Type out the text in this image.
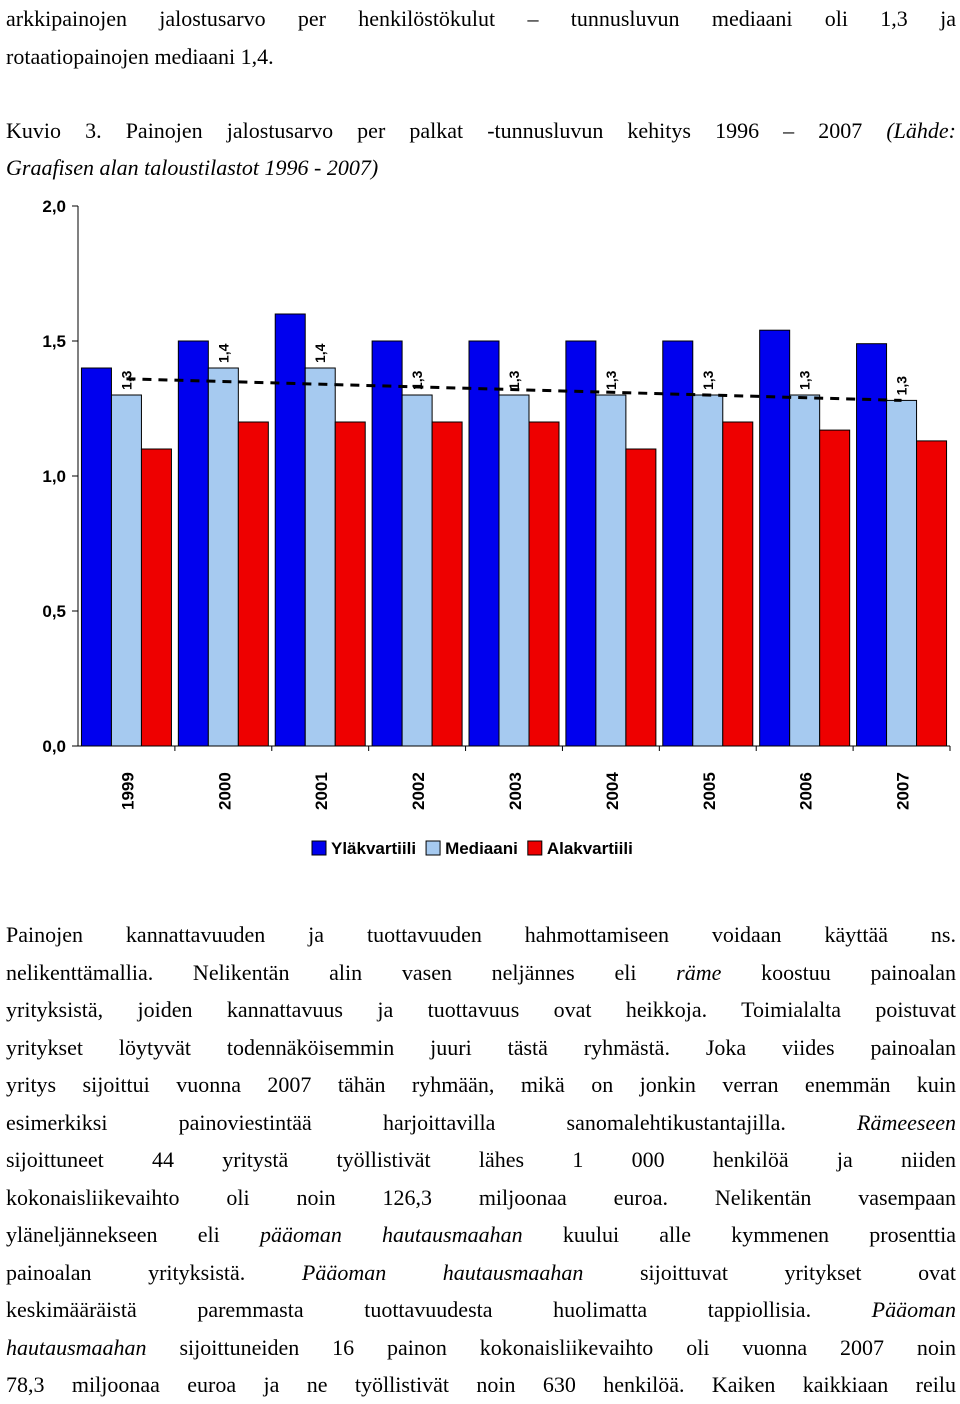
arkkipainojen jalostusarvo per henkilöstökulut – tunnusluvun mediaani oli 1,3 ja
rotaatiopainojen mediaani 1,4.

Kuvio 3. Painojen jalostusarvo per palkat -tunnusluvun kehitys 1996 – 2007 (Lähde:
Graafisen alan taloustilastot 1996 - 2007)

0,0
0,5
1,0
1,5
2,0
1,3
1999
1,4
2000
1,4
2001
1,3
2002
1,3
2003
1,3
2004
1,3
2005
1,3
2006
1,3
2007
Yläkvartiili Mediaani Alakvartiili
Painojen kannattavuuden ja tuottavuuden hahmottamiseen voidaan käyttää ns.
nelikenttämallia. Nelikentän alin vasen neljännes eli räme koostuu painoalan
yrityksistä, joiden kannattavuus ja tuottavuus ovat heikkoja. Toimialalta poistuvat
yritykset löytyvät todennäköisemmin juuri tästä ryhmästä. Joka viides painoalan
yritys sijoittui vuonna 2007 tähän ryhmään, mikä on jonkin verran enemmän kuin
esimerkiksi painoviestintää harjoittavilla sanomalehtikustantajilla. Rämeeseen
sijoittuneet 44 yritystä työllistivät lähes 1 000 henkilöä ja niiden
kokonaisliikevaihto oli noin 126,3 miljoonaa euroa. Nelikentän vasempaan
yläneljännekseen eli pääoman hautausmaahan kuului alle kymmenen prosenttia
painoalan yrityksistä. Pääoman hautausmaahan sijoittuvat yritykset ovat
keskimääräistä paremmasta tuottavuudesta huolimatta tappiollisia. Pääoman
hautausmaahan sijoittuneiden 16 painon kokonaisliikevaihto oli vuonna 2007 noin
78,3 miljoonaa euroa ja ne työllistivät noin 630 henkilöä. Kaiken kaikkiaan reilu
